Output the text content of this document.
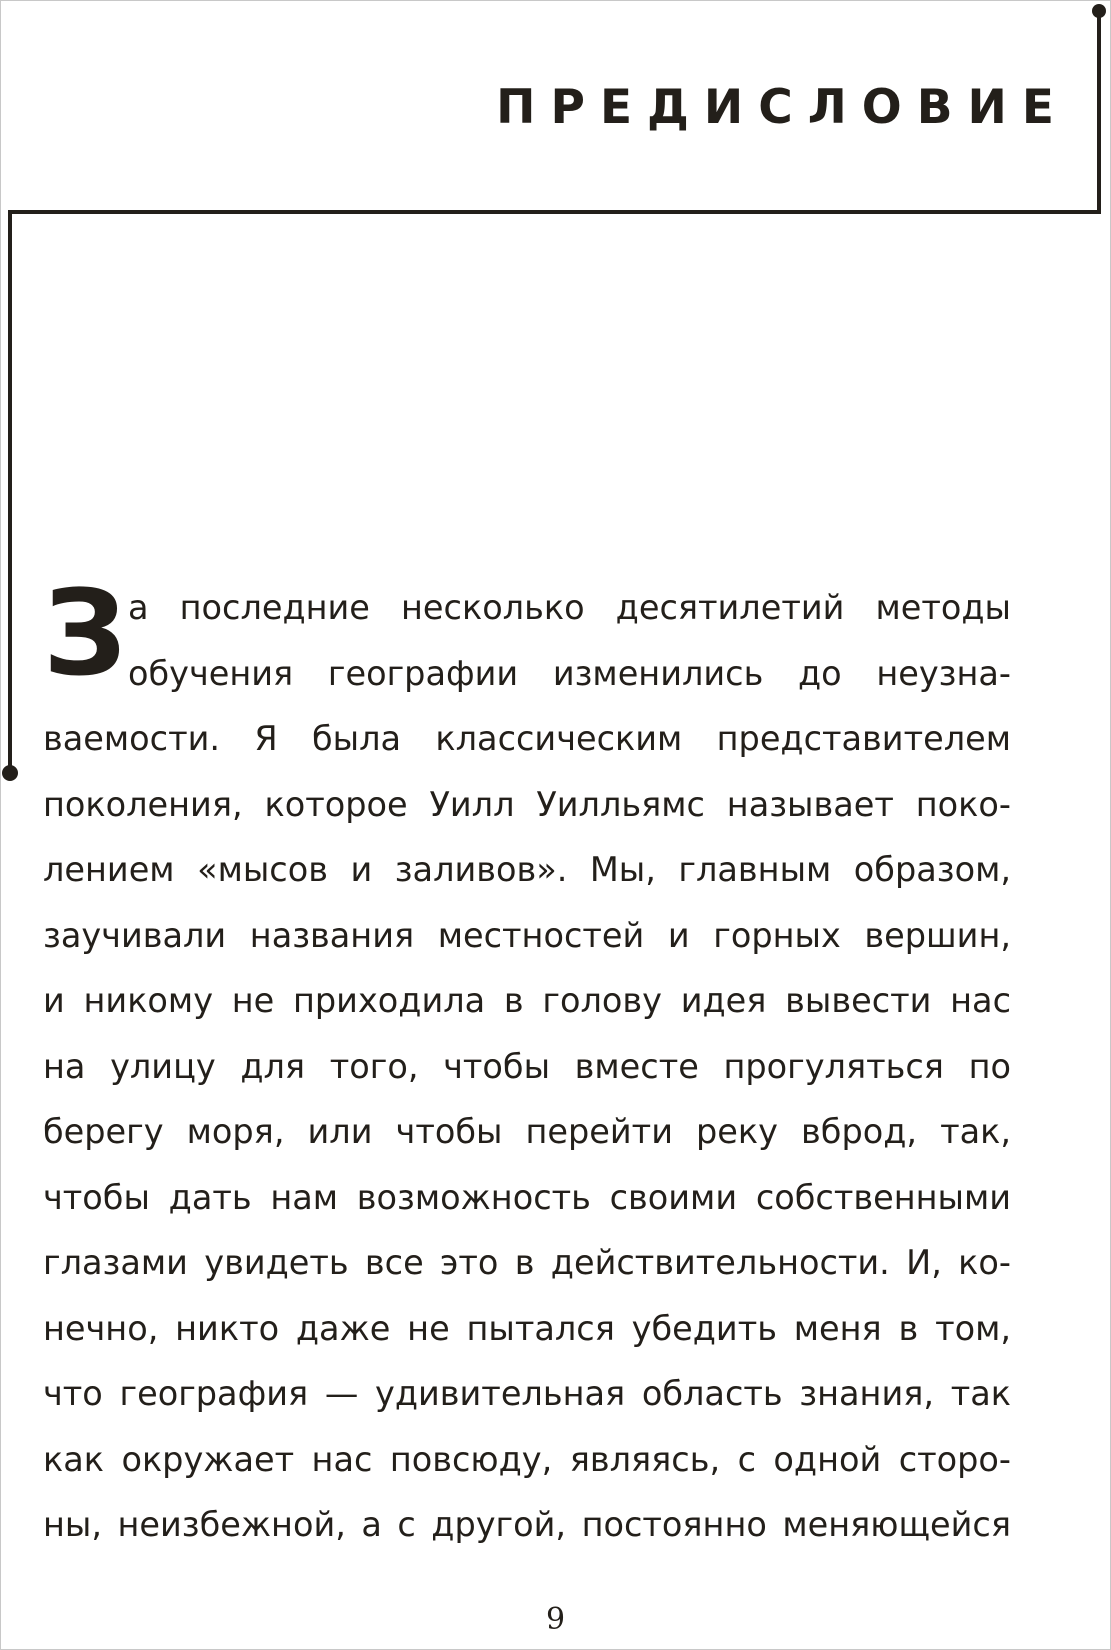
ПРЕДИСЛОВИЕ
З а последние несколько десятилетий методы
обучения географии изменились до неузна-
ваемости. Я была классическим представителем
поколения, которое Уилл Уилльямс называет поко-
лением «мысов и заливов». Мы, главным образом,
заучивали названия местностей и горных вершин,
и никому не приходила в голову идея вывести нас
на улицу для того, чтобы вместе прогуляться по
берегу моря, или чтобы перейти реку вброд, так,
чтобы дать нам возможность своими собственными
глазами увидеть все это в действительности. И, ко-
нечно, никто даже не пытался убедить меня в том,
что география — удивительная область знания, так
как окружает нас повсюду, являясь, с одной сторо-
ны, неизбежной, а с другой, постоянно меняющейся
9
